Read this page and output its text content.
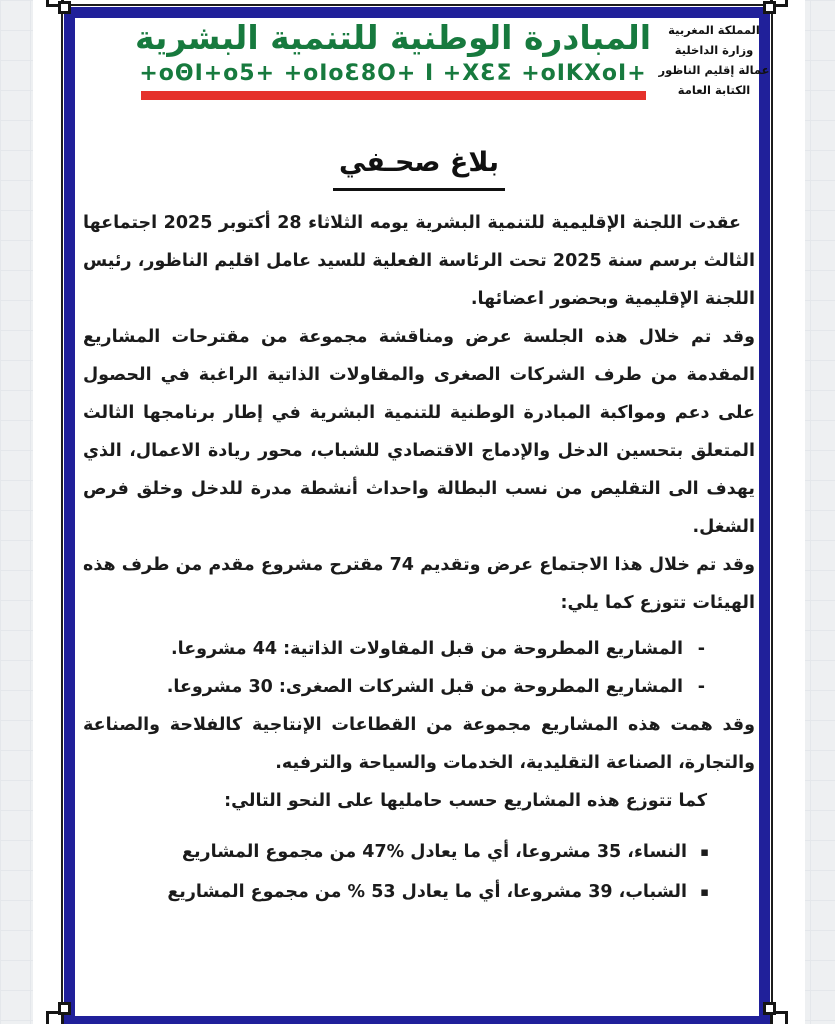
المبادرة الوطنية للتنمية البشرية
+oΘI+o5+ +oIoƐ8O+ I +XƐΣ +oIKXoI+
المملكة المغربية
وزارة الداخلية
عمالة إقليم الناظور
الكتابة العامة
بلاغ صحـفي

عقدت اللجنة الإقليمية للتنمية البشرية يومه الثلاثاء 28 أكتوبر 2025 اجتماعها الثالث برسم سنة 2025 تحت الرئاسة الفعلية للسيد عامل اقليم الناظور، رئيس اللجنة الإقليمية وبحضور اعضائها.

وقد تم خلال هذه الجلسة عرض ومناقشة مجموعة من مقترحات المشاريع المقدمة من طرف الشركات الصغرى والمقاولات الذاتية الراغبة في الحصول على دعم ومواكبة المبادرة الوطنية للتنمية البشرية في إطار برنامجها الثالث المتعلق بتحسين الدخل والإدماج الاقتصادي للشباب، محور ريادة الاعمال، الذي يهدف الى التقليص من نسب البطالة واحداث أنشطة مدرة للدخل وخلق فرص الشغل.

وقد تم خلال هذا الاجتماع عرض وتقديم 74 مقترح مشروع مقدم من طرف هذه الهيئات تتوزع كما يلي:

- المشاريع المطروحة من قبل المقاولات الذاتية: 44 مشروعا.
- المشاريع المطروحة من قبل الشركات الصغرى: 30 مشروعا.

وقد همت هذه المشاريع مجموعة من القطاعات الإنتاجية كالفلاحة والصناعة والتجارة، الصناعة التقليدية، الخدمات والسياحة والترفيه.

كما تتوزع هذه المشاريع حسب حامليها على النحو التالي:

▪ النساء، 35 مشروعا، أي ما يعادل %47 من مجموع المشاريع
▪ الشباب، 39 مشروعا، أي ما يعادل 53 % من مجموع المشاريع
